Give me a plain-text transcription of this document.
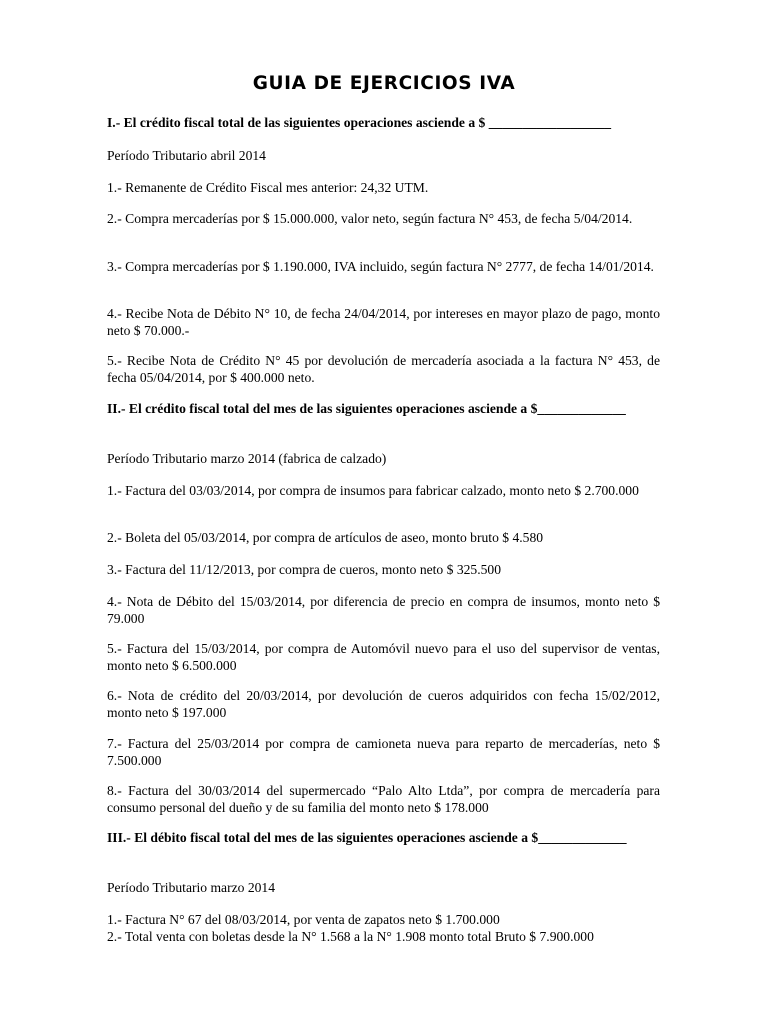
GUIA DE EJERCICIOS IVA

I.- El crédito fiscal total de las siguientes operaciones asciende a $ __________________

Período Tributario abril 2014

1.- Remanente de Crédito Fiscal mes anterior: 24,32 UTM.

2.- Compra mercaderías por $ 15.000.000, valor neto, según factura N° 453, de fecha 5/04/2014.

3.- Compra mercaderías por $ 1.190.000, IVA incluido, según factura N° 2777, de fecha 14/01/2014.

4.- Recibe Nota de Débito N° 10, de fecha 24/04/2014, por intereses en mayor plazo de pago, monto neto $ 70.000.-

5.- Recibe Nota de Crédito N° 45 por devolución de mercadería asociada a la factura N° 453, de fecha 05/04/2014, por $ 400.000 neto.

II.- El crédito fiscal total del mes de las siguientes operaciones asciende a $_____________

Período Tributario marzo 2014 (fabrica de calzado)

1.- Factura del 03/03/2014, por compra de insumos para fabricar calzado, monto neto $ 2.700.000

2.- Boleta del 05/03/2014, por compra de artículos de aseo, monto bruto $ 4.580

3.- Factura del 11/12/2013, por compra de cueros, monto neto $ 325.500

4.- Nota de Débito del 15/03/2014, por diferencia de precio en compra de insumos, monto neto $ 79.000

5.- Factura del 15/03/2014, por compra de Automóvil nuevo para el uso del supervisor de ventas, monto neto $ 6.500.000

6.- Nota de crédito del 20/03/2014, por devolución de cueros adquiridos con fecha 15/02/2012, monto neto $ 197.000

7.- Factura del 25/03/2014 por compra de camioneta nueva para reparto de mercaderías, neto $ 7.500.000

8.- Factura del 30/03/2014 del supermercado “Palo Alto Ltda”, por compra de mercadería para consumo personal del dueño y de su familia del monto neto $ 178.000

III.- El débito fiscal total del mes de las siguientes operaciones asciende a $_____________

Período Tributario marzo 2014

1.- Factura N° 67 del 08/03/2014, por venta de zapatos neto $ 1.700.000

2.- Total venta con boletas desde la N° 1.568 a la N° 1.908 monto total Bruto $ 7.900.000
